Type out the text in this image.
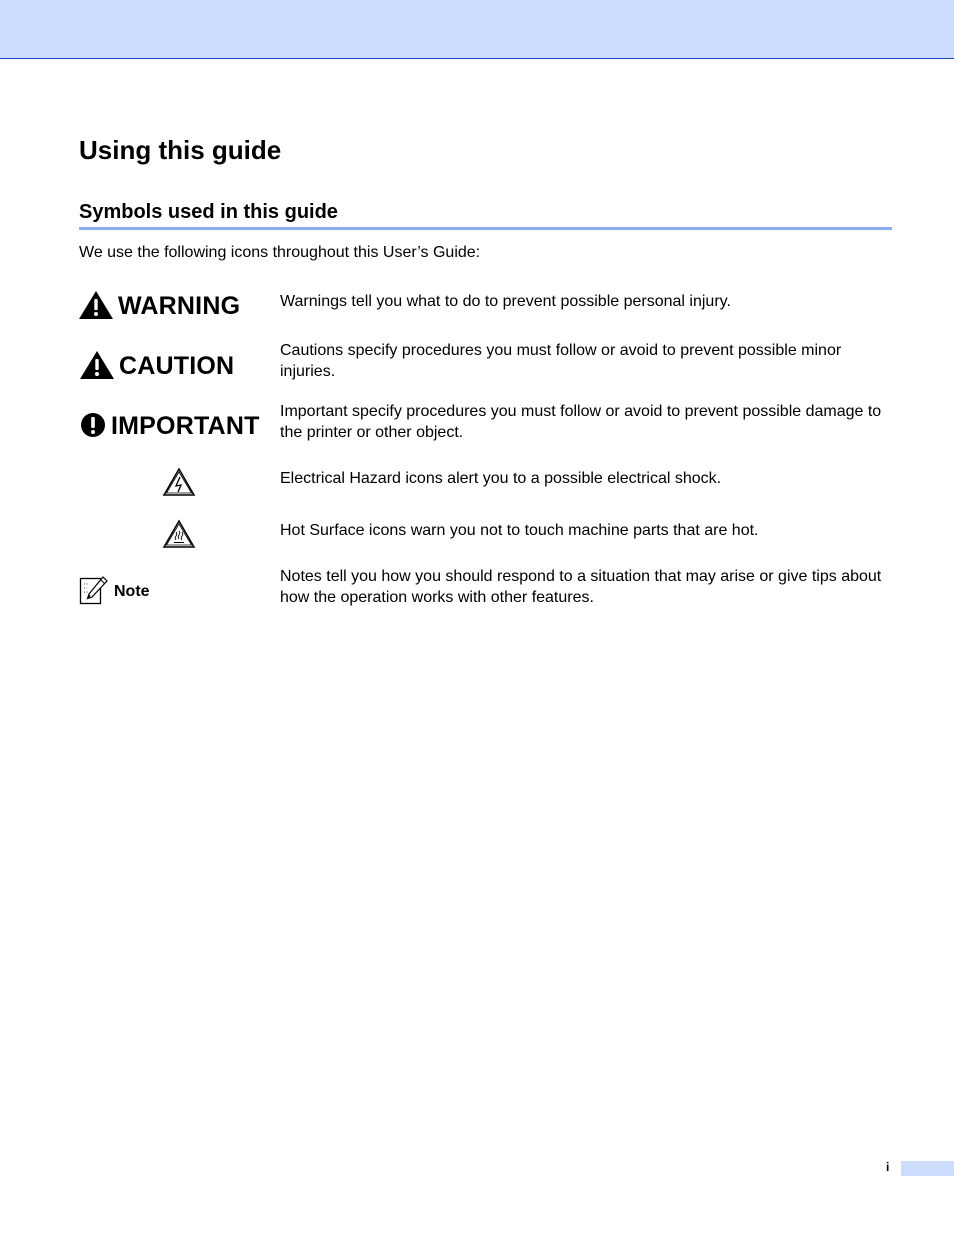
Using this guide
Symbols used in this guide

We use the following icons throughout this User’s Guide:

WARNING Warnings tell you what to do to prevent possible personal injury.

CAUTION

Cautions specify procedures you must follow or avoid to prevent possible minor injuries.

IMPORTANT

Important specify procedures you must follow or avoid to prevent possible damage to the printer or other object.

Electrical Hazard icons alert you to a possible electrical shock.

Hot Surface icons warn you not to touch machine parts that are hot.

Note

Notes tell you how you should respond to a situation that may arise or give tips about how the operation works with other features.

i
